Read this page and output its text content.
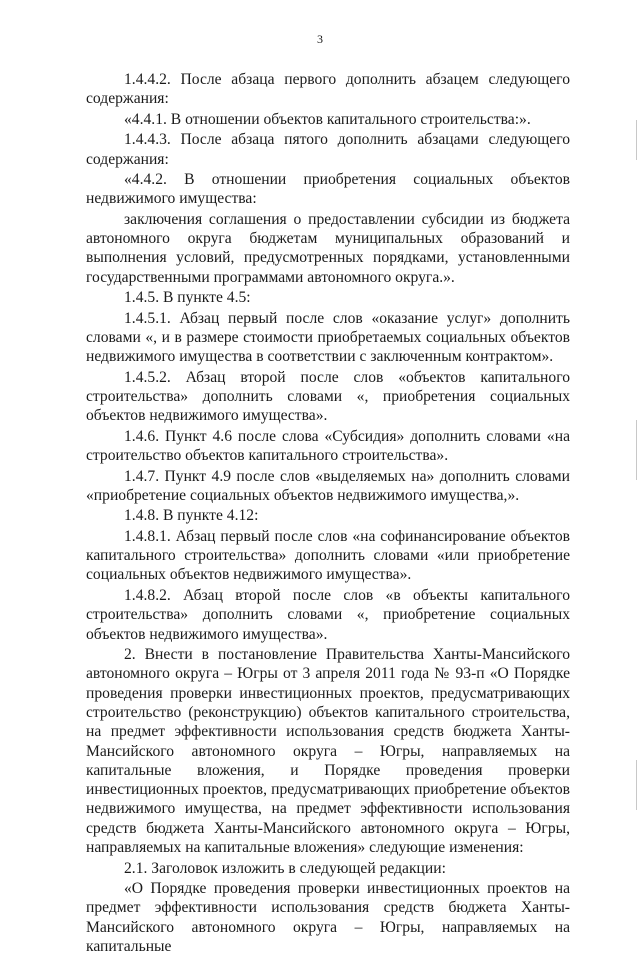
3

1.4.4.2. После абзаца первого дополнить абзацем следующего содержания:

«4.4.1. В отношении объектов капитального строительства:».

1.4.4.3. После абзаца пятого дополнить абзацами следующего содержания:

«4.4.2. В отношении приобретения социальных объектов недвижимого имущества:

заключения соглашения о предоставлении субсидии из бюджета автономного округа бюджетам муниципальных образований и выполнения условий, предусмотренных порядками, установленными государственными программами автономного округа.».

1.4.5. В пункте 4.5:

1.4.5.1. Абзац первый после слов «оказание услуг» дополнить словами «, и в размере стоимости приобретаемых социальных объектов недвижимого имущества в соответствии с заключенным контрактом».

1.4.5.2. Абзац второй после слов «объектов капитального строительства» дополнить словами «, приобретения социальных объектов недвижимого имущества».

1.4.6. Пункт 4.6 после слова «Субсидия» дополнить словами «на строительство объектов капитального строительства».

1.4.7. Пункт 4.9 после слов «выделяемых на» дополнить словами «приобретение социальных объектов недвижимого имущества,».

1.4.8. В пункте 4.12:

1.4.8.1. Абзац первый после слов «на софинансирование объектов капитального строительства» дополнить словами «или приобретение социальных объектов недвижимого имущества».

1.4.8.2. Абзац второй после слов «в объекты капитального строительства» дополнить словами «, приобретение социальных объектов недвижимого имущества».

2. Внести в постановление Правительства Ханты-Мансийского автономного округа – Югры от 3 апреля 2011 года № 93-п «О Порядке проведения проверки инвестиционных проектов, предусматривающих строительство (реконструкцию) объектов капитального строительства, на предмет эффективности использования средств бюджета Ханты-Мансийского автономного округа – Югры, направляемых на капитальные вложения, и Порядке проведения проверки инвестиционных проектов, предусматривающих приобретение объектов недвижимого имущества, на предмет эффективности использования средств бюджета Ханты-Мансийского автономного округа – Югры, направляемых на капитальные вложения» следующие изменения:

2.1. Заголовок изложить в следующей редакции:

«О Порядке проведения проверки инвестиционных проектов на предмет эффективности использования средств бюджета Ханты-Мансийского автономного округа – Югры, направляемых на капитальные
